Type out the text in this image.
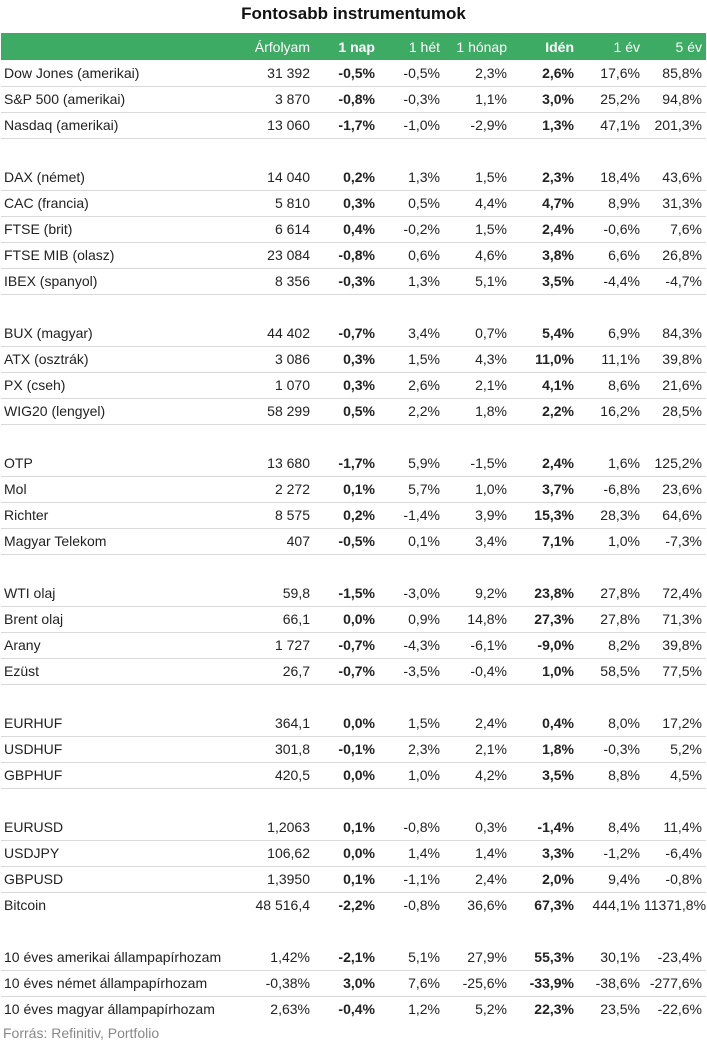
Fontosabb instrumentumok
	Árfolyam	1 nap	1 hét	1 hónap	Idén	1 év	5 év
Dow Jones (amerikai)	31 392	-0,5%	-0,5%	2,3%	2,6%	17,6%	85,8%
S&P 500 (amerikai)	3 870	-0,8%	-0,3%	1,1%	3,0%	25,2%	94,8%
Nasdaq (amerikai)	13 060	-1,7%	-1,0%	-2,9%	1,3%	47,1%	201,3%

DAX (német)	14 040	0,2%	1,3%	1,5%	2,3%	18,4%	43,6%
CAC (francia)	5 810	0,3%	0,5%	4,4%	4,7%	8,9%	31,3%
FTSE (brit)	6 614	0,4%	-0,2%	1,5%	2,4%	-0,6%	7,6%
FTSE MIB (olasz)	23 084	-0,8%	0,6%	4,6%	3,8%	6,6%	26,8%
IBEX (spanyol)	8 356	-0,3%	1,3%	5,1%	3,5%	-4,4%	-4,7%

BUX (magyar)	44 402	-0,7%	3,4%	0,7%	5,4%	6,9%	84,3%
ATX (osztrák)	3 086	0,3%	1,5%	4,3%	11,0%	11,1%	39,8%
PX (cseh)	1 070	0,3%	2,6%	2,1%	4,1%	8,6%	21,6%
WIG20 (lengyel)	58 299	0,5%	2,2%	1,8%	2,2%	16,2%	28,5%

OTP	13 680	-1,7%	5,9%	-1,5%	2,4%	1,6%	125,2%
Mol	2 272	0,1%	5,7%	1,0%	3,7%	-6,8%	23,6%
Richter	8 575	0,2%	-1,4%	3,9%	15,3%	28,3%	64,6%
Magyar Telekom	407	-0,5%	0,1%	3,4%	7,1%	1,0%	-7,3%

WTI olaj	59,8	-1,5%	-3,0%	9,2%	23,8%	27,8%	72,4%
Brent olaj	66,1	0,0%	0,9%	14,8%	27,3%	27,8%	71,3%
Arany	1 727	-0,7%	-4,3%	-6,1%	-9,0%	8,2%	39,8%
Ezüst	26,7	-0,7%	-3,5%	-0,4%	1,0%	58,5%	77,5%

EURHUF	364,1	0,0%	1,5%	2,4%	0,4%	8,0%	17,2%
USDHUF	301,8	-0,1%	2,3%	2,1%	1,8%	-0,3%	5,2%
GBPHUF	420,5	0,0%	1,0%	4,2%	3,5%	8,8%	4,5%

EURUSD	1,2063	0,1%	-0,8%	0,3%	-1,4%	8,4%	11,4%
USDJPY	106,62	0,0%	1,4%	1,4%	3,3%	-1,2%	-6,4%
GBPUSD	1,3950	0,1%	-1,1%	2,4%	2,0%	9,4%	-0,8%
Bitcoin	48 516,4	-2,2%	-0,8%	36,6%	67,3%	444,1%	11371,8%

10 éves amerikai állampapírhozam	1,42%	-2,1%	5,1%	27,9%	55,3%	30,1%	-23,4%
10 éves német állampapírhozam	-0,38%	3,0%	7,6%	-25,6%	-33,9%	-38,6%	-277,6%
10 éves magyar állampapírhozam	2,63%	-0,4%	1,2%	5,2%	22,3%	23,5%	-22,6%
Forrás: Refinitiv, Portfolio
